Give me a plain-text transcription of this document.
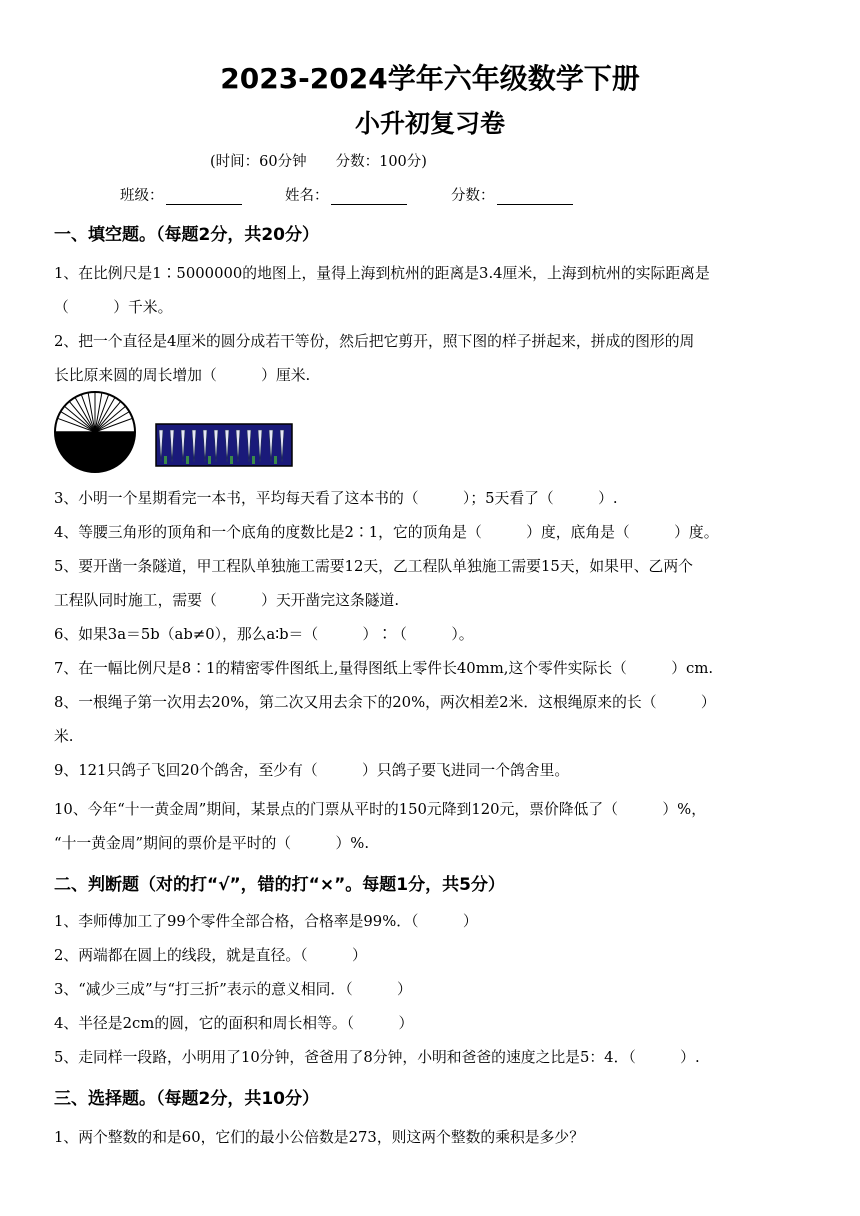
2023-2024学年六年级数学下册
小升初复习卷
(时间：60分钟　　分数：100分)
班级：	姓名：	分数：
一、填空题。（每题2分，共20分）
1、在比例尺是1∶5000000的地图上，量得上海到杭州的距离是3.4厘米，上海到杭州的实际距离是
（　　　）千米。
2、把一个直径是4厘米的圆分成若干等份，然后把它剪开，照下图的样子拼起来，拼成的图形的周
长比原来圆的周长增加（　　　）厘米.
3、小明一个星期看完一本书，平均每天看了这本书的（　　　）；5天看了（　　　）.
4、等腰三角形的顶角和一个底角的度数比是2∶1，它的顶角是（　　　）度，底角是（　　　）度。
5、要开凿一条隧道，甲工程队单独施工需要12天，乙工程队单独施工需要15天，如果甲、乙两个
工程队同时施工，需要（　　　）天开凿完这条隧道.
6、如果3a＝5b（ab≠0），那么a∶b＝（　　　）∶（　　　）。
7、在一幅比例尺是8∶1的精密零件图纸上,量得图纸上零件长40mm,这个零件实际长（　　　）cm.
8、一根绳子第一次用去20%，第二次又用去余下的20%，两次相差2米．这根绳原来的长（　　　）
米.
9、121只鸽子飞回20个鸽舍，至少有（　　　）只鸽子要飞进同一个鸽舍里。
10、今年“十一黄金周”期间，某景点的门票从平时的150元降到120元，票价降低了（　　　）%，
“十一黄金周”期间的票价是平时的（　　　）%.
二、判断题（对的打“√”，错的打“×”。每题1分，共5分）
1、李师傅加工了99个零件全部合格，合格率是99%．（　　　）
2、两端都在圆上的线段，就是直径。（　　　）
3、“减少三成”与“打三折”表示的意义相同．（　　　）
4、半径是2cm的圆，它的面积和周长相等。（　　　）
5、走同样一段路，小明用了10分钟，爸爸用了8分钟，小明和爸爸的速度之比是5：4．（　　　）.
三、选择题。（每题2分，共10分）
1、两个整数的和是60，它们的最小公倍数是273，则这两个整数的乘积是多少？
